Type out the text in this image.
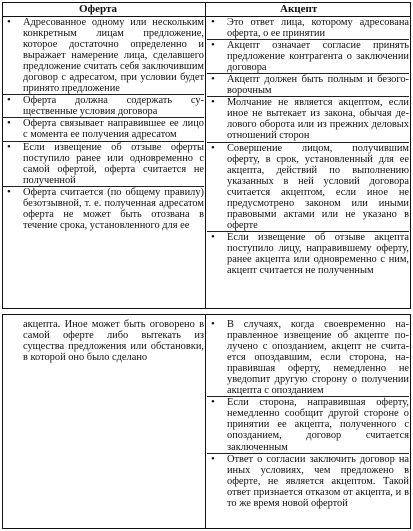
Оферта	Акцепт
• Адресованное одному или нескольким конкретным лицам предложение, которое достаточно определенно и выражает намерение лица, сделавшего предложение считать себя заключившим договор с адресатом, при условии будет принято предложение
• Оферта должна содержать существенные условия договора
• Оферта связывает направившее ее лицо с момента ее получения адресатом
• Если извещение об отзыве оферты поступило ранее или одновременно с самой офертой, оферта считается не полученной
• Оферта считается (по общему правилу) безотзывной, т. е. полученная адресатом оферта не может быть отозвана в течение срока, установленного для ее
• Это ответ лица, которому адресована оферта, о ее принятии
• Акцепт означает согласие принять предложение контрагента о заключении договора
• Акцепт должен быть полным и безоговорочным
• Молчание не является акцептом, если иное не вытекает из закона, обычая делового оборота или из прежних деловых отношений сторон
• Совершение лицом, получившим оферту, в срок, установленный для ее акцепта, действий по выполнению указанных в ней условий договора считается акцептом, если иное не предусмотрено законом или иными правовыми актами или не указано в оферте
• Если извещение об отзыве акцепта поступило лицу, направившему оферту, ранее акцепта или одновременно с ним, акцепт считается не полученным
акцепта. Иное может быть оговорено в самой оферте либо вытекать из существа предложения или обстановки, в которой оно было сделано
• В случаях, когда своевременно направленное извещение об акцепте получено с опозданием, акцепт не считается опоздавшим, если сторона, направившая оферту, немедленно не уведоmит другую сторону о получении акцепта с опозданием
• Если сторона, направившая оферту, немедленно сообщит другой стороне о принятии ее акцепта, полученного с опозданием, договор считается заключенным
• Ответ о согласии заключить договор на иных условиях, чем предложено в оферте, не является акцептом. Такой ответ признается отказом от акцепта, и в то же время новой офертой
